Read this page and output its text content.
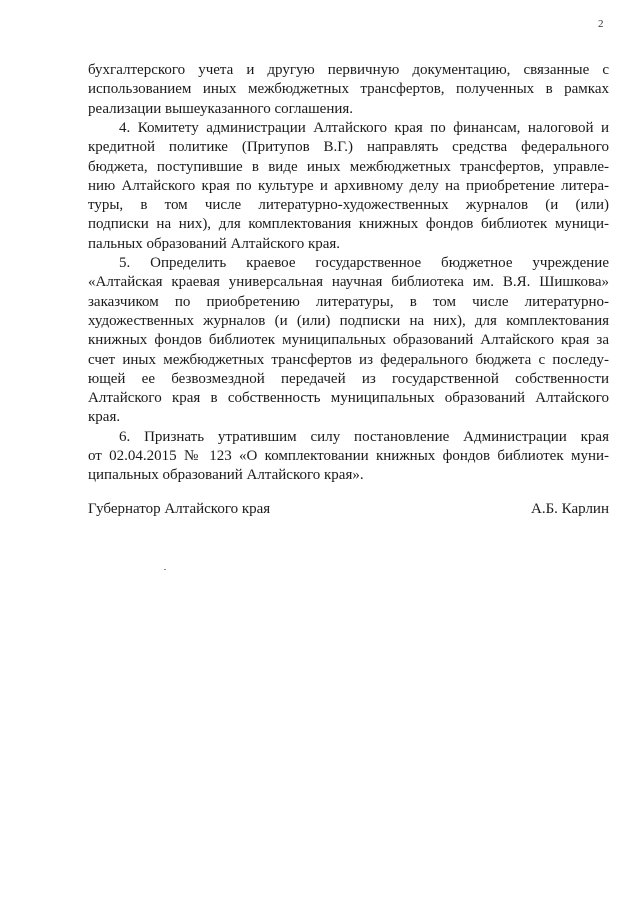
2
бухгалтерского учета и другую первичную документацию, связанные с
использованием иных межбюджетных трансфертов, полученных в рамках
реализации вышеуказанного соглашения.
4. Комитету администрации Алтайского края по финансам, налоговой и
кредитной политике (Притупов В.Г.) направлять средства федерального
бюджета, поступившие в виде иных межбюджетных трансфертов, управле-
нию Алтайского края по культуре и архивному делу на приобретение литера-
туры, в том числе литературно-художественных журналов (и (или)
подписки на них), для комплектования книжных фондов библиотек муници-
пальных образований Алтайского края.
5. Определить краевое государственное бюджетное учреждение
«Алтайская краевая универсальная научная библиотека им. В.Я. Шишкова»
заказчиком по приобретению литературы, в том числе литературно-
художественных журналов (и (или) подписки на них), для комплектования
книжных фондов библиотек муниципальных образований Алтайского края за
счет иных межбюджетных трансфертов из федерального бюджета с последу-
ющей ее безвозмездной передачей из государственной собственности
Алтайского края в собственность муниципальных образований Алтайского
края.
6. Признать утратившим силу постановление Администрации края
от 02.04.2015 № 123 «О комплектовании книжных фондов библиотек муни-
ципальных образований Алтайского края».
Губернатор Алтайского края	А.Б. Карлин
